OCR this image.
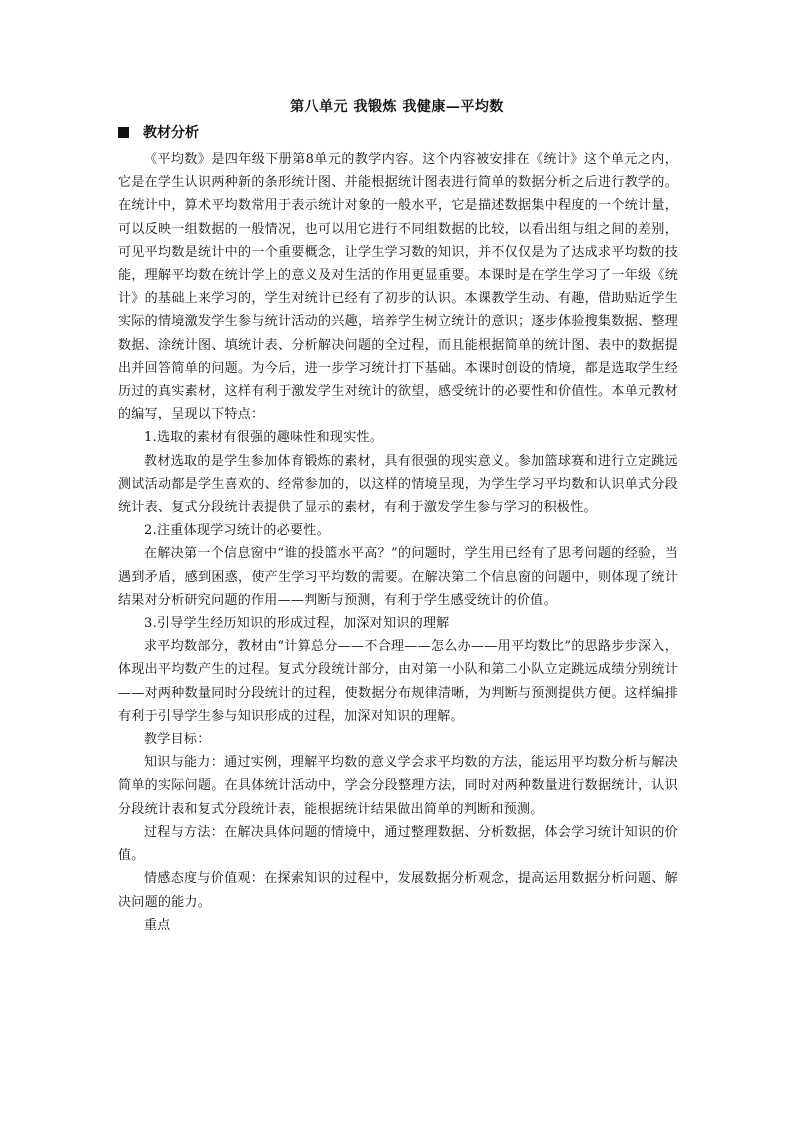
第八单元 我锻炼 我健康—平均数
教材分析

《平均数》是四年级下册第8单元的教学内容。这个内容被安排在《统计》这个单元之内，它是在学生认识两种新的条形统计图、并能根据统计图表进行简单的数据分析之后进行教学的。在统计中，算术平均数常用于表示统计对象的一般水平，它是描述数据集中程度的一个统计量，可以反映一组数据的一般情况，也可以用它进行不同组数据的比较，以看出组与组之间的差别，可见平均数是统计中的一个重要概念，让学生学习数的知识，并不仅仅是为了达成求平均数的技能，理解平均数在统计学上的意义及对生活的作用更显重要。本课时是在学生学习了一年级《统计》的基础上来学习的，学生对统计已经有了初步的认识。本课教学生动、有趣，借助贴近学生实际的情境激发学生参与统计活动的兴趣，培养学生树立统计的意识；逐步体验搜集数据、整理数据、涂统计图、填统计表、分析解决问题的全过程，而且能根据简单的统计图、表中的数据提出并回答简单的问题。为今后，进一步学习统计打下基础。本课时创设的情境，都是选取学生经历过的真实素材，这样有利于激发学生对统计的欲望，感受统计的必要性和价值性。本单元教材的编写，呈现以下特点：

1.选取的素材有很强的趣味性和现实性。

教材选取的是学生参加体育锻炼的素材，具有很强的现实意义。参加篮球赛和进行立定跳远测试活动都是学生喜欢的、经常参加的，以这样的情境呈现，为学生学习平均数和认识单式分段统计表、复式分段统计表提供了显示的素材，有利于激发学生参与学习的积极性。

2.注重体现学习统计的必要性。

在解决第一个信息窗中“谁的投篮水平高？”的问题时，学生用已经有了思考问题的经验，当遇到矛盾，感到困惑，使产生学习平均数的需要。在解决第二个信息窗的问题中，则体现了统计结果对分析研究问题的作用——判断与预测，有利于学生感受统计的价值。

3.引导学生经历知识的形成过程，加深对知识的理解

求平均数部分，教材由“计算总分——不合理——怎么办——用平均数比”的思路步步深入，体现出平均数产生的过程。复式分段统计部分，由对第一小队和第二小队立定跳远成绩分别统计——对两种数量同时分段统计的过程，使数据分布规律清晰，为判断与预测提供方便。这样编排有利于引导学生参与知识形成的过程，加深对知识的理解。

教学目标：

知识与能力：通过实例，理解平均数的意义学会求平均数的方法，能运用平均数分析与解决简单的实际问题。在具体统计活动中，学会分段整理方法，同时对两种数量进行数据统计，认识分段统计表和复式分段统计表，能根据统计结果做出简单的判断和预测。

过程与方法：在解决具体问题的情境中，通过整理数据、分析数据，体会学习统计知识的价值。

情感态度与价值观：在探索知识的过程中，发展数据分析观念，提高运用数据分析问题、解决问题的能力。

重点
